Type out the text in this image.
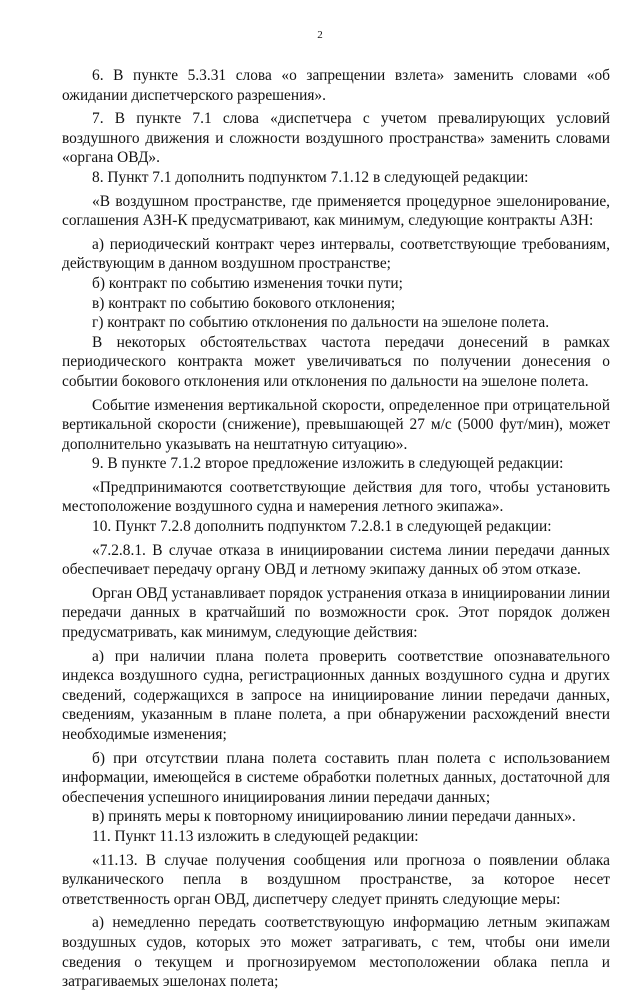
2

6. В пункте 5.3.31 слова «о запрещении взлета» заменить словами «об ожидании диспетчерского разрешения».

7. В пункте 7.1 слова «диспетчера с учетом превалирующих условий воздушного движения и сложности воздушного пространства» заменить словами «органа ОВД».

8. Пункт 7.1 дополнить подпунктом 7.1.12 в следующей редакции:

«В воздушном пространстве, где применяется процедурное эшелонирование, соглашения АЗН-К предусматривают, как минимум, следующие контракты АЗН:

а) периодический контракт через интервалы, соответствующие требованиям, действующим в данном воздушном пространстве;

б) контракт по событию изменения точки пути;

в) контракт по событию бокового отклонения;

г) контракт по событию отклонения по дальности на эшелоне полета.

В некоторых обстоятельствах частота передачи донесений в рамках периодического контракта может увеличиваться по получении донесения о событии бокового отклонения или отклонения по дальности на эшелоне полета.

Событие изменения вертикальной скорости, определенное при отрицательной вертикальной скорости (снижение), превышающей 27 м/с (5000 фут/мин), может дополнительно указывать на нештатную ситуацию».

9. В пункте 7.1.2 второе предложение изложить в следующей редакции:

«Предпринимаются соответствующие действия для того, чтобы установить местоположение воздушного судна и намерения летного экипажа».

10. Пункт 7.2.8 дополнить подпунктом 7.2.8.1 в следующей редакции:

«7.2.8.1. В случае отказа в инициировании система линии передачи данных обеспечивает передачу органу ОВД и летному экипажу данных об этом отказе.

Орган ОВД устанавливает порядок устранения отказа в инициировании линии передачи данных в кратчайший по возможности срок. Этот порядок должен предусматривать, как минимум, следующие действия:

а) при наличии плана полета проверить соответствие опознавательного индекса воздушного судна, регистрационных данных воздушного судна и других сведений, содержащихся в запросе на инициирование линии передачи данных, сведениям, указанным в плане полета, а при обнаружении расхождений внести необходимые изменения;

б) при отсутствии плана полета составить план полета с использованием информации, имеющейся в системе обработки полетных данных, достаточной для обеспечения успешного инициирования линии передачи данных;

в) принять меры к повторному инициированию линии передачи данных».

11. Пункт 11.13 изложить в следующей редакции:

«11.13. В случае получения сообщения или прогноза о появлении облака вулканического пепла в воздушном пространстве, за которое несет ответственность орган ОВД, диспетчеру следует принять следующие меры:

а) немедленно передать соответствующую информацию летным экипажам воздушных судов, которых это может затрагивать, с тем, чтобы они имели сведения о текущем и прогнозируемом местоположении облака пепла и затрагиваемых эшелонах полета;
